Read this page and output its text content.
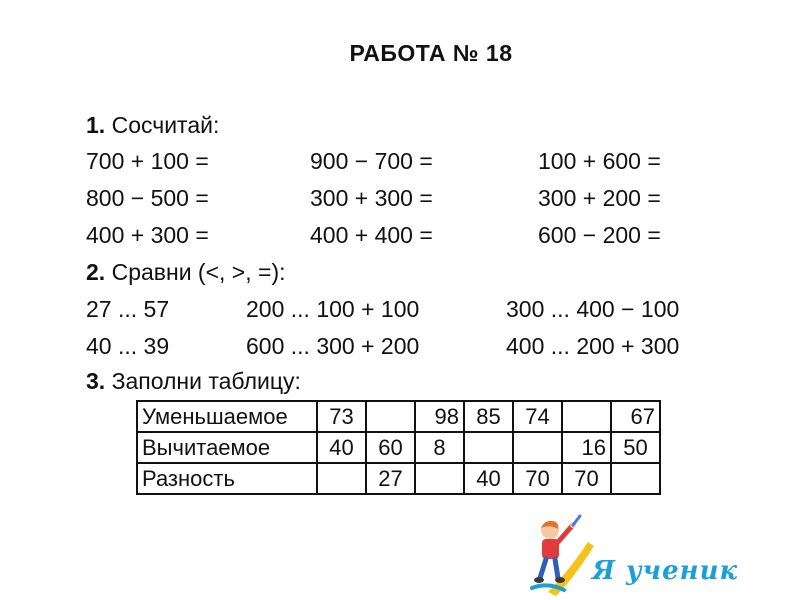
РАБОТА № 18
1. Сосчитай:
700 + 100 =	900 − 700 =	100 + 600 =
800 − 500 =	300 + 300 =	300 + 200 =
400 + 300 =	400 + 400 =	600 − 200 =
2. Сравни (<, >, =):
27 ... 57	200 ... 100 + 100	300 ... 400 − 100
40 ... 39	600 ... 300 + 200	400 ... 200 + 300
3. Заполни таблицу:
Уменьшаемое	73		98	85	74		67
Вычитаемое	40	60	8			16	50
Разность		27		40	70	70	
Я ученик
